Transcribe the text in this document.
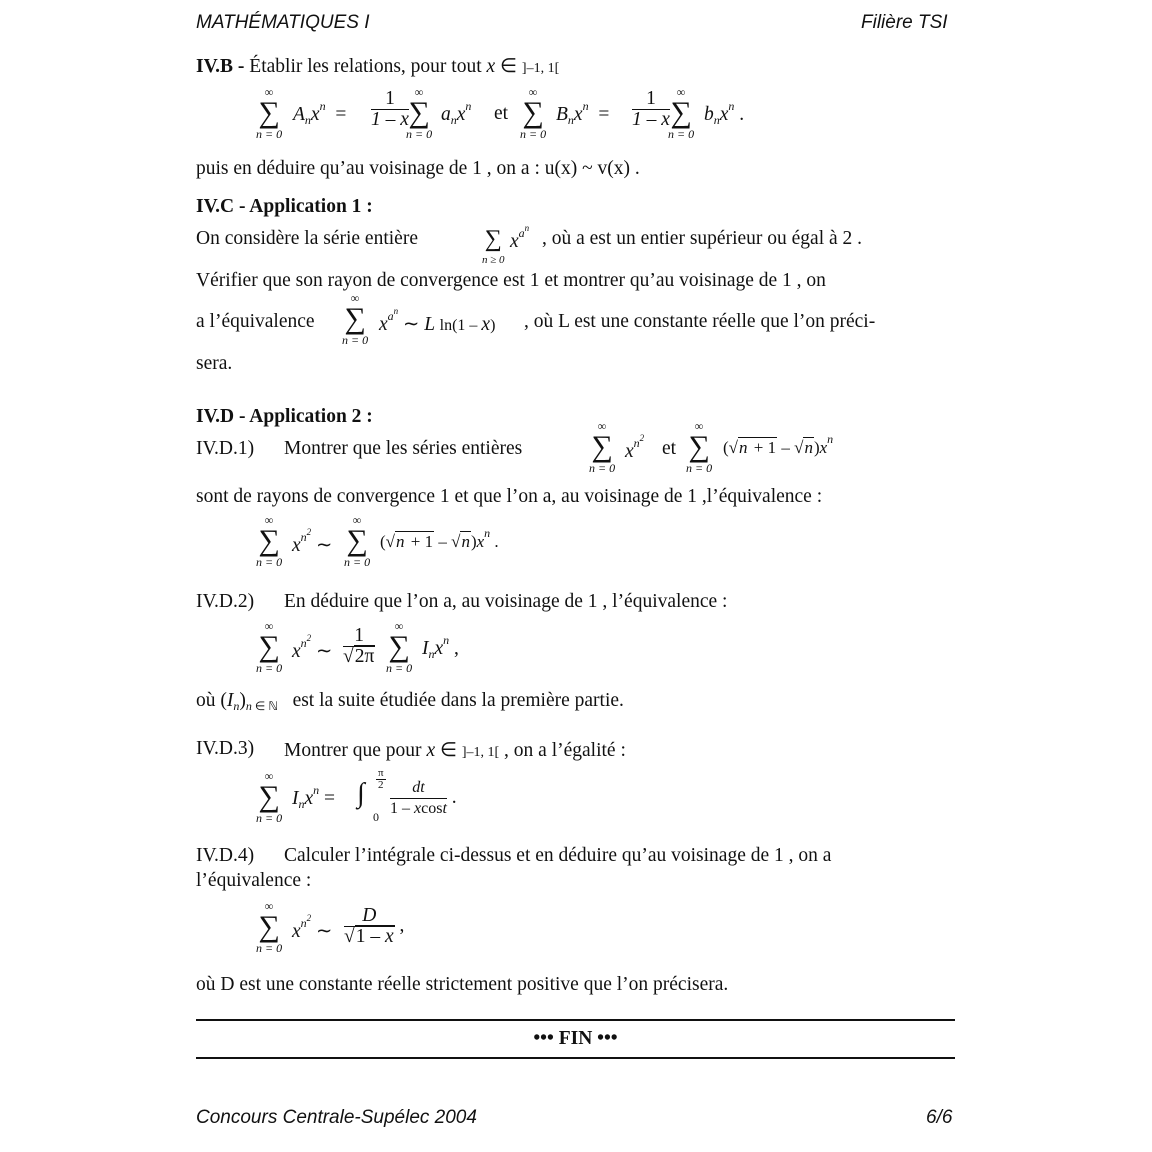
MATHÉMATIQUES I	Filière TSI
IV.B - Établir les relations, pour tout x ∈ ]–1, 1[
∞
∑
n = 0
$A_nx^n = \frac{1}{1 - x}$ ∞
∑
n = 0
$a_nx^n$ et
∞
∑
n = 0
$B_nx^n = \frac{1}{1 - x}$ ∞
∑
n = 0
$b_nx^n$ .
puis en déduire qu’au voisinage de 1 , on a : u(x) ~ v(x) .
IV.C - Application 1 :
On considère la série entière	∑
n ≥ 0
$x^{a^n}$ , où a est un entier supérieur ou égal à 2 .
Vérifier que son rayon de convergence est 1 et montrer qu’au voisinage de 1 , on
a l’équivalence
∞
∑
n = 0
$x^{a^n}$ ∼ L ln(1 – x) , où L est une constante réelle que l’on préci-
sera.
IV.D - Application 2 :
IV.D.1) Montrer que les séries entières
∞
∑
n = 0
$x^{n^2}$ et
∞
∑
n = 0
$(√n + 1 - √n)x^n$
sont de rayons de convergence 1 et que l’on a, au voisinage de 1 ,l’équivalence :
∞
∑
n = 0
$x^{n^2}$ ∼
∞
∑
n = 0
$(√n + 1 - √n)x^n$ .
IV.D.2) En déduire que l’on a, au voisinage de 1 , l’équivalence :
∞
∑
n = 0
$x^{n^2}$ ∼ $\frac{1}{√2\pi}$	∞
∑
n = 0
$I_nx^n$ ,
où $(I_n)_{n \in ℕ}$ est la suite étudiée dans la première partie.
IV.D.3) Montrer que pour x ∈ ]–1, 1[ , on a l’égalité :
∞
∑
n = 0
$I_nx^n$ = ∫ $\frac{\pi}{2}$
$0 \frac{dt}{1 - xcost}$ .
IV.D.4) Calculer l’intégrale ci-dessus et en déduire qu’au voisinage de 1 , on a
l’équivalence :
∞
∑
n = 0
$x^{n^2}$ ∼ $\frac{D}{√1 - x}$ ,
où D est une constante réelle strictement positive que l’on précisera.
••• FIN •••
Concours Centrale-Supélec 2004	6/6
